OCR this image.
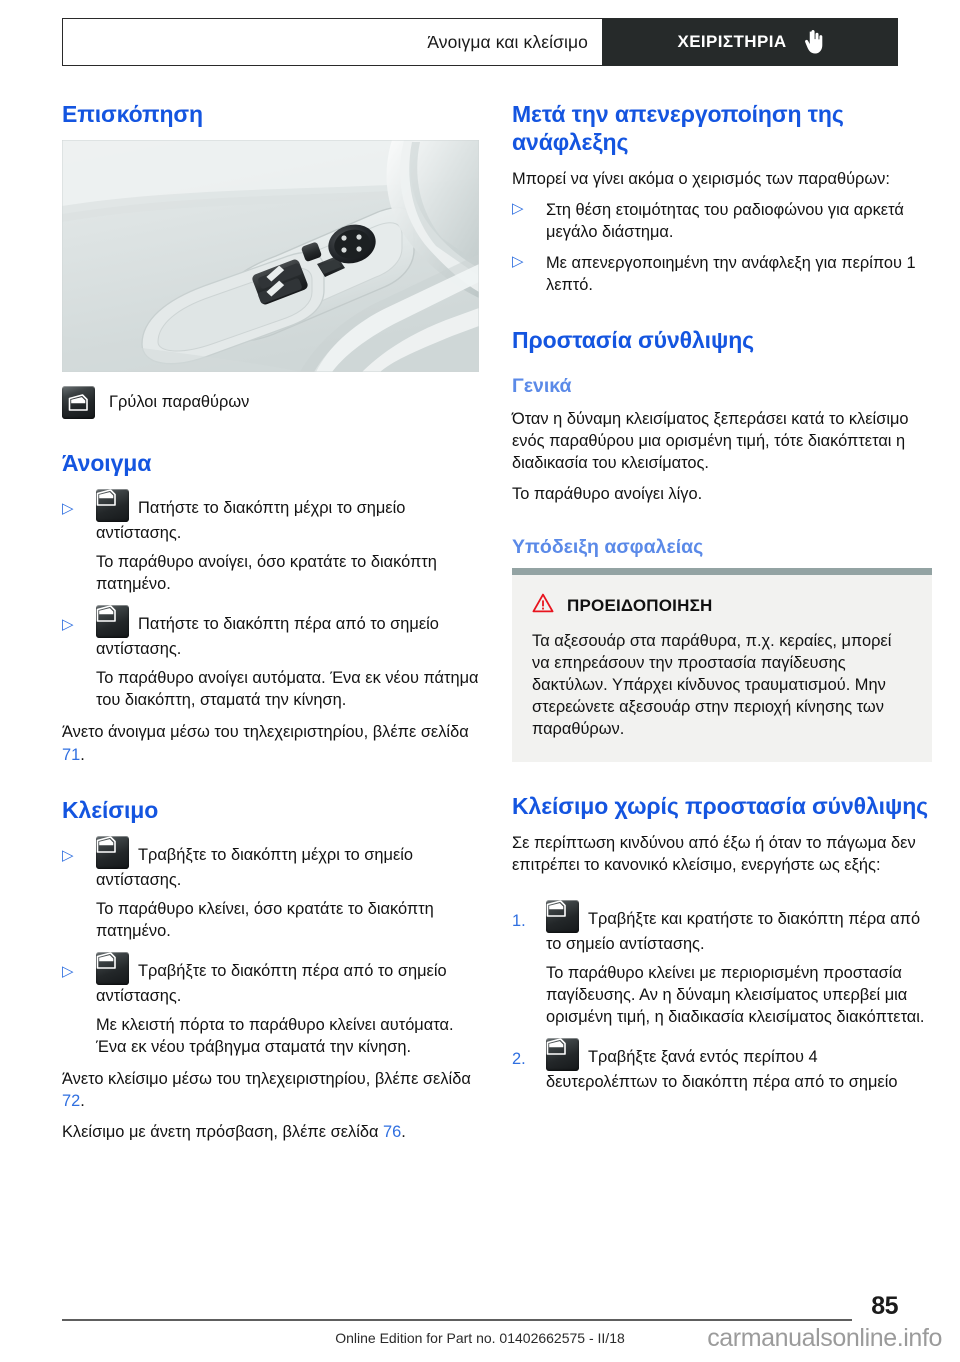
Άνοιγμα και κλείσιμο	ΧΕΙΡΙΣΤΗΡΙΑ
Επισκόπηση
Γρύλοι παραθύρων
Άνοιγμα
▷	Πατήστε το διακόπτη μέχρι το σημείο αντίστασης.
Το παράθυρο ανοίγει, όσο κρατάτε το διακόπτη πατημένο.
▷	Πατήστε το διακόπτη πέρα από το σημείο αντίστασης.
Το παράθυρο ανοίγει αυτόματα. Ένα εκ νέου πάτημα του διακόπτη, σταματά την κίνηση.

Άνετο άνοιγμα μέσω του τηλεχειριστηρίου, βλέπε σελίδα 71.

Κλείσιμο
▷	Τραβήξτε το διακόπτη μέχρι το σημείο αντίστασης.
Το παράθυρο κλείνει, όσο κρατάτε το διακόπτη πατημένο.
▷	Τραβήξτε το διακόπτη πέρα από το σημείο αντίστασης.
Με κλειστή πόρτα το παράθυρο κλείνει αυτόματα. Ένα εκ νέου τράβηγμα σταματά την κίνηση.

Άνετο κλείσιμο μέσω του τηλεχειριστηρίου, βλέπε σελίδα 72.

Κλείσιμο με άνετη πρόσβαση, βλέπε σελίδα 76.

Μετά την απενεργοποίηση της ανάφλεξης

Μπορεί να γίνει ακόμα ο χειρισμός των παραθύρων:

▷	Στη θέση ετοιμότητας του ραδιοφώνου για αρκετά μεγάλο διάστημα.
▷	Με απενεργοποιημένη την ανάφλεξη για περίπου 1 λεπτό.
Προστασία σύνθλιψης
Γενικά

Όταν η δύναμη κλεισίματος ξεπεράσει κατά το κλείσιμο ενός παραθύρου μια ορισμένη τιμή, τότε διακόπτεται η διαδικασία του κλεισίματος.

Το παράθυρο ανοίγει λίγο.

Υπόδειξη ασφαλείας
ΠΡΟΕΙΔΟΠΟΙΗΣΗ
Τα αξεσουάρ στα παράθυρα, π.χ. κεραίες, μπορεί να επηρεάσουν την προστασία παγίδευσης δακτύλων. Υπάρχει κίνδυνος τραυματισμού. Μην στερεώνετε αξεσουάρ στην περιοχή κίνησης των παραθύρων.
Κλείσιμο χωρίς προστασία σύνθλιψης

Σε περίπτωση κινδύνου από έξω ή όταν το πάγωμα δεν επιτρέπει το κανονικό κλείσιμο, ενεργήστε ως εξής:

1.	Τραβήξτε και κρατήστε το διακόπτη πέρα από το σημείο αντίστασης.
Το παράθυρο κλείνει με περιορισμένη προστασία παγίδευσης. Αν η δύναμη κλεισίματος υπερβεί μια ορισμένη τιμή, η διαδικασία κλεισίματος διακόπτεται.
2.	Τραβήξτε ξανά εντός περίπου 4 δευτερολέπτων το διακόπτη πέρα από το σημείο
85
Online Edition for Part no. 01402662575 - II/18	carmanualsonline.info
